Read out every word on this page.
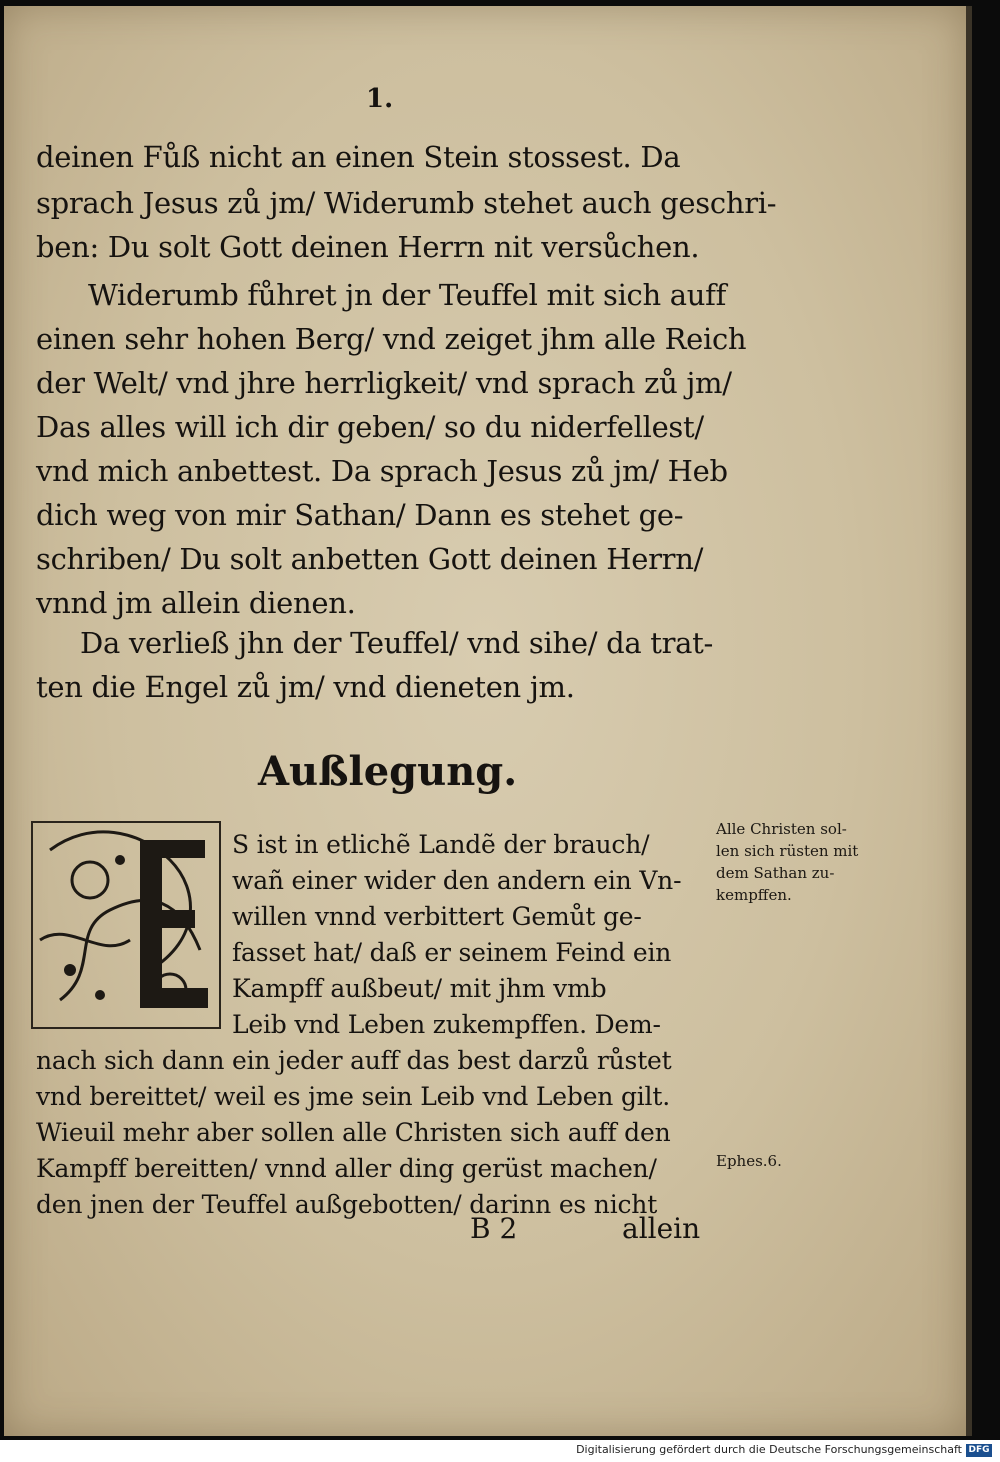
1.
deinen Fůß nicht an einen Stein stossest. Da
sprach Jesus zů jm/ Widerumb stehet auch geschri-
ben: Du solt Gott deinen Herrn nit versůchen.
Widerumb fůhret jn der Teuffel mit sich auff
einen sehr hohen Berg/ vnd zeiget jhm alle Reich
der Welt/ vnd jhre herrligkeit/ vnd sprach zů jm/
Das alles will ich dir geben/ so du niderfellest/
vnd mich anbettest. Da sprach Jesus zů jm/ Heb
dich weg von mir Sathan/ Dann es stehet ge-
schriben/ Du solt anbetten Gott deinen Herrn/
vnnd jm allein dienen.
Da verließ jhn der Teuffel/ vnd sihe/ da trat-
ten die Engel zů jm/ vnd dieneten jm.
Außlegung.
S ist in etlichẽ Landẽ der brauch/
wañ einer wider den andern ein Vn-
willen vnnd verbittert Gemůt ge-
fasset hat/ daß er seinem Feind ein
Kampff außbeut/ mit jhm vmb
Leib vnd Leben zukempffen. Dem-
nach sich dann ein jeder auff das best darzů růstet
vnd bereittet/ weil es jme sein Leib vnd Leben gilt.
Wieuil mehr aber sollen alle Christen sich auff den
Kampff bereitten/ vnnd aller ding gerüst machen/
den jnen der Teuffel außgebotten/ darinn es nicht
Alle Christen sol-
len sich rüsten mit
dem Sathan zu-
kempffen.
Ephes.6.
B 2	allein
Digitalisierung gefördert durch die Deutsche Forschungsgemeinschaft DFG
